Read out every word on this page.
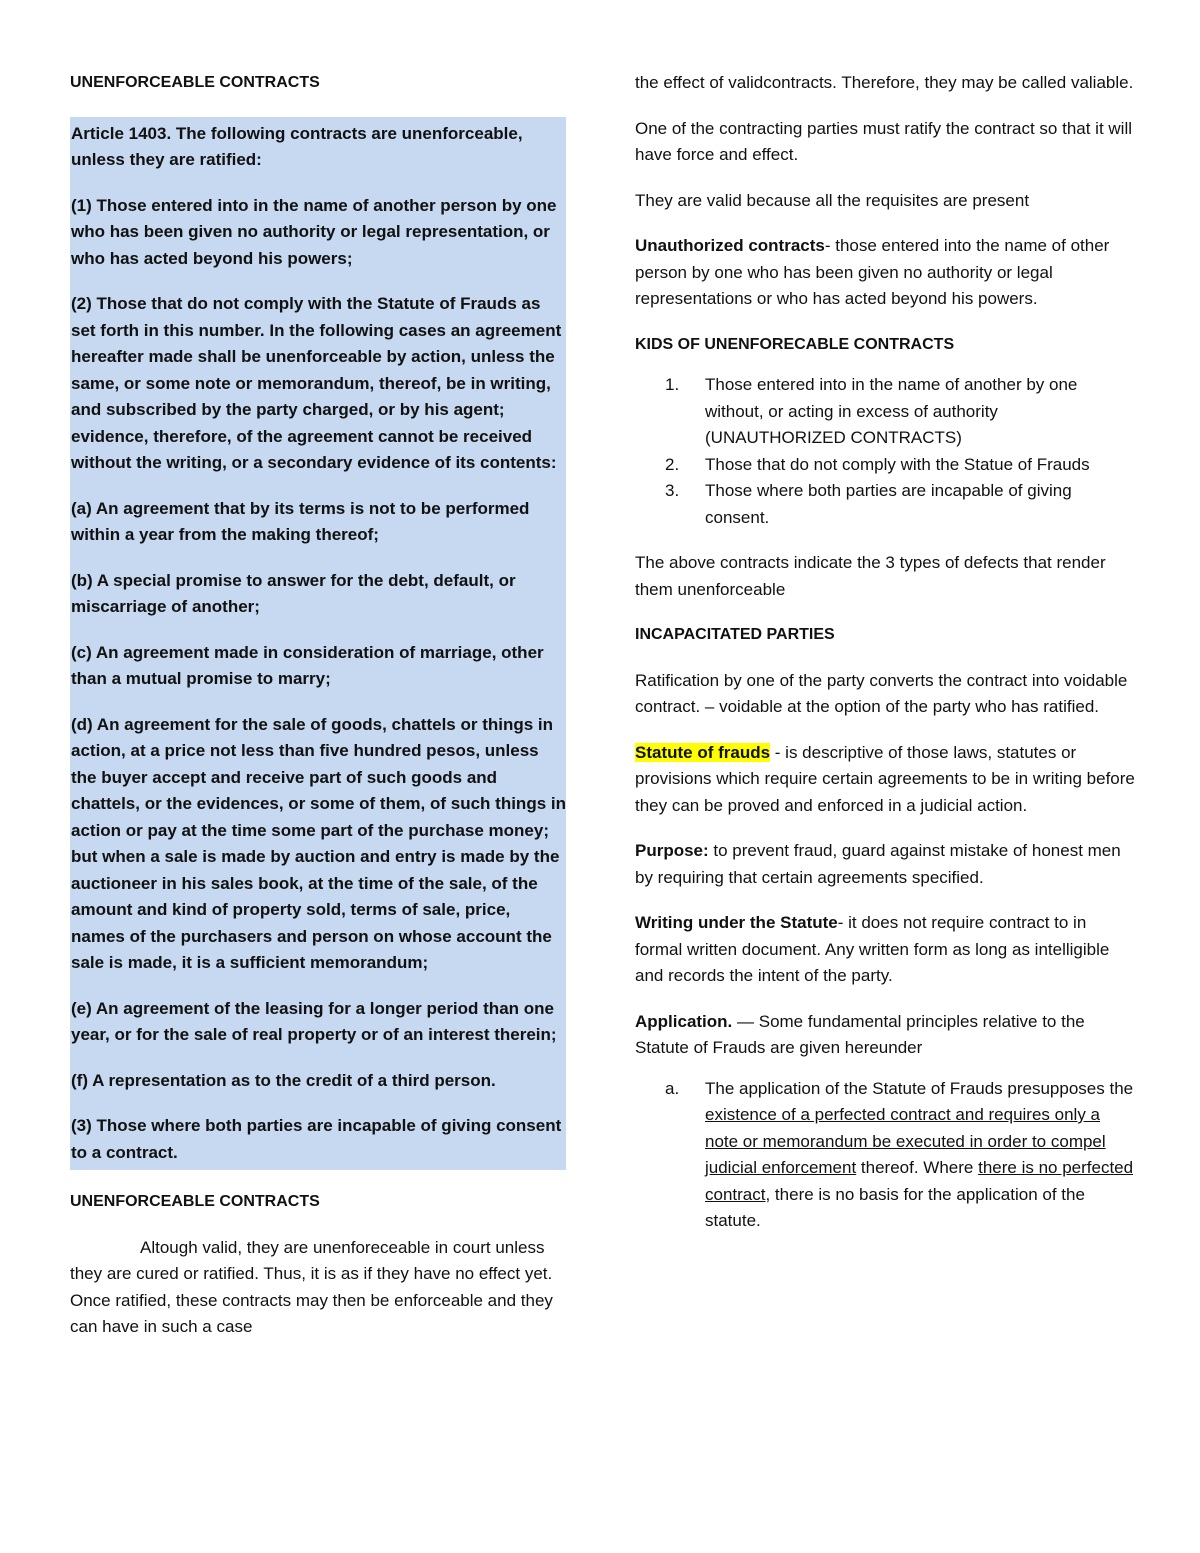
UNENFORCEABLE CONTRACTS

Article 1403. The following contracts are unenforceable, unless they are ratified:

(1) Those entered into in the name of another person by one who has been given no authority or legal representation, or who has acted beyond his powers;

(2) Those that do not comply with the Statute of Frauds as set forth in this number. In the following cases an agreement hereafter made shall be unenforceable by action, unless the same, or some note or memorandum, thereof, be in writing, and subscribed by the party charged, or by his agent; evidence, therefore, of the agreement cannot be received without the writing, or a secondary evidence of its contents:

(a) An agreement that by its terms is not to be performed within a year from the making thereof;

(b) A special promise to answer for the debt, default, or miscarriage of another;

(c) An agreement made in consideration of marriage, other than a mutual promise to marry;

(d) An agreement for the sale of goods, chattels or things in action, at a price not less than five hundred pesos, unless the buyer accept and receive part of such goods and chattels, or the evidences, or some of them, of such things in action or pay at the time some part of the purchase money; but when a sale is made by auction and entry is made by the auctioneer in his sales book, at the time of the sale, of the amount and kind of property sold, terms of sale, price, names of the purchasers and person on whose account the sale is made, it is a sufficient memorandum;

(e) An agreement of the leasing for a longer period than one year, or for the sale of real property or of an interest therein;

(f) A representation as to the credit of a third person.

(3) Those where both parties are incapable of giving consent to a contract.

UNENFORCEABLE CONTRACTS

Altough valid, they are unenforeceable in court unless they are cured or ratified. Thus, it is as if they have no effect yet. Once ratified, these contracts may then be enforceable and they can have in such a case

the effect of validcontracts. Therefore, they may be called valiable.

One of the contracting parties must ratify the contract so that it will have force and effect.

They are valid because all the requisites are present

Unauthorized contracts- those entered into the name of other person by one who has been given no authority or legal representations or who has acted beyond his powers.

KIDS OF UNENFORECABLE CONTRACTS

1. Those entered into in the name of another by one without, or acting in excess of authority (UNAUTHORIZED CONTRACTS)
2. Those that do not comply with the Statue of Frauds
3. Those where both parties are incapable of giving consent.

The above contracts indicate the 3 types of defects that render them unenforceable

INCAPACITATED PARTIES

Ratification by one of the party converts the contract into voidable contract. – voidable at the option of the party who has ratified.

Statute of frauds - is descriptive of those laws, statutes or provisions which require certain agreements to be in writing before they can be proved and enforced in a judicial action.

Purpose: to prevent fraud, guard against mistake of honest men by requiring that certain agreements specified.

Writing under the Statute- it does not require contract to in formal written document. Any written form as long as intelligible and records the intent of the party.

Application. — Some fundamental principles relative to the Statute of Frauds are given hereunder

a. The application of the Statute of Frauds presupposes the existence of a perfected contract and requires only a note or memorandum be executed in order to compel judicial enforcement thereof. Where there is no perfected contract, there is no basis for the application of the statute.
